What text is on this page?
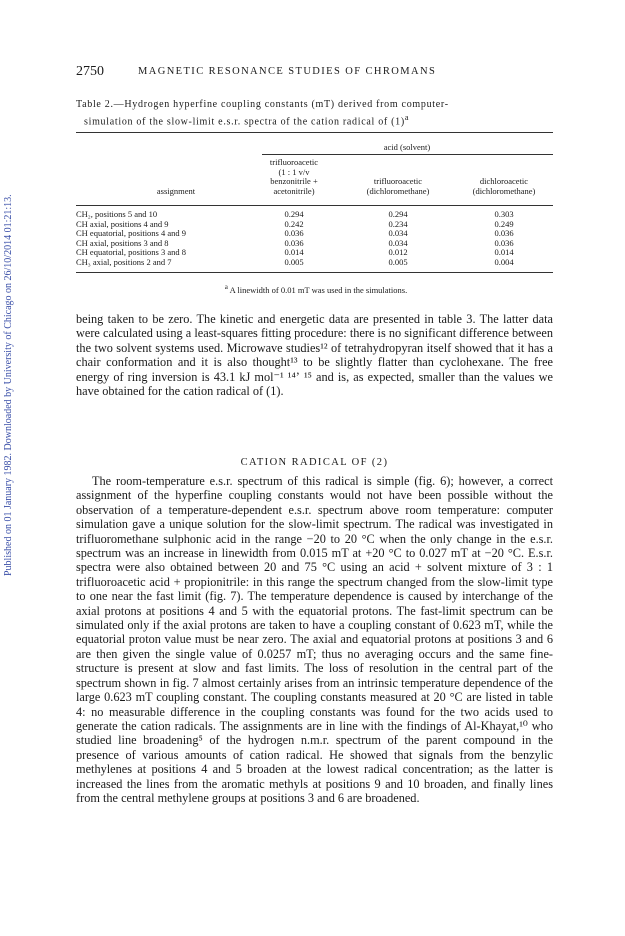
Published on 01 January 1982. Downloaded by University of Chicago on 26/10/2014 01:21:13.
2750	MAGNETIC RESONANCE STUDIES OF CHROMANS
Table 2.—Hydrogen hyperfine coupling constants (mT) derived from computer-
simulation of the slow-limit e.s.r. spectra of the cation radical of $(1)^a$
acid (solvent)
trifluoroacetic
(1 : 1 v/v
benzonitrile +
acetonitrile)
trifluoroacetic
(dichloromethane)
dichloroacetic
(dichloromethane)
assignment
CH₂, positions 5 and 10
CH axial, positions 4 and 9
CH equatorial, positions 4 and 9
CH axial, positions 3 and 8
CH equatorial, positions 3 and 8
CH₃ axial, positions 2 and 7
0.294
0.242
0.036
0.036
0.014
0.005
0.294
0.234
0.034
0.034
0.012
0.005
0.303
0.249
0.036
0.036
0.014
0.004
$^a$ A linewidth of 0.01 mT was used in the simulations.
being taken to be zero. The kinetic and energetic data are presented in table 3. The latter data were calculated using a least-squares fitting procedure: there is no significant difference between the two solvent systems used. Microwave studies¹² of tetrahydropyran itself showed that it has a chair conformation and it is also thought¹³ to be slightly flatter than cyclohexane. The free energy of ring inversion is 43.1 kJ mol⁻¹ ¹⁴ʼ ¹⁵ and is, as expected, smaller than the values we have obtained for the cation radical of (1).
CATION RADICAL OF (2)
The room-temperature e.s.r. spectrum of this radical is simple (fig. 6); however, a correct assignment of the hyperfine coupling constants would not have been possible without the observation of a temperature-dependent e.s.r. spectrum above room temperature: computer simulation gave a unique solution for the slow-limit spectrum. The radical was investigated in trifluoromethane sulphonic acid in the range −20 to 20 °C when the only change in the e.s.r. spectrum was an increase in linewidth from 0.015 mT at +20 °C to 0.027 mT at −20 °C. E.s.r. spectra were also obtained between 20 and 75 °C using an acid + solvent mixture of 3 : 1 trifluoroacetic acid + propionitrile: in this range the spectrum changed from the slow-limit type to one near the fast limit (fig. 7). The temperature dependence is caused by interchange of the axial protons at positions 4 and 5 with the equatorial protons. The fast-limit spectrum can be simulated only if the axial protons are taken to have a coupling constant of 0.623 mT, while the equatorial proton value must be near zero. The axial and equatorial protons at positions 3 and 6 are then given the single value of 0.0257 mT; thus no averaging occurs and the same fine-structure is present at slow and fast limits. The loss of resolution in the central part of the spectrum shown in fig. 7 almost certainly arises from an intrinsic temperature dependence of the large 0.623 mT coupling constant. The coupling constants measured at 20 °C are listed in table 4: no measurable difference in the coupling constants was found for the two acids used to generate the cation radicals. The assignments are in line with the findings of Al-Khayat,¹⁰ who studied line broadening⁵ of the hydrogen n.m.r. spectrum of the parent compound in the presence of various amounts of cation radical. He showed that signals from the benzylic methylenes at positions 4 and 5 broaden at the lowest radical concentration; as the latter is increased the lines from the aromatic methyls at positions 9 and 10 broaden, and finally lines from the central methylene groups at positions 3 and 6 are broadened.
